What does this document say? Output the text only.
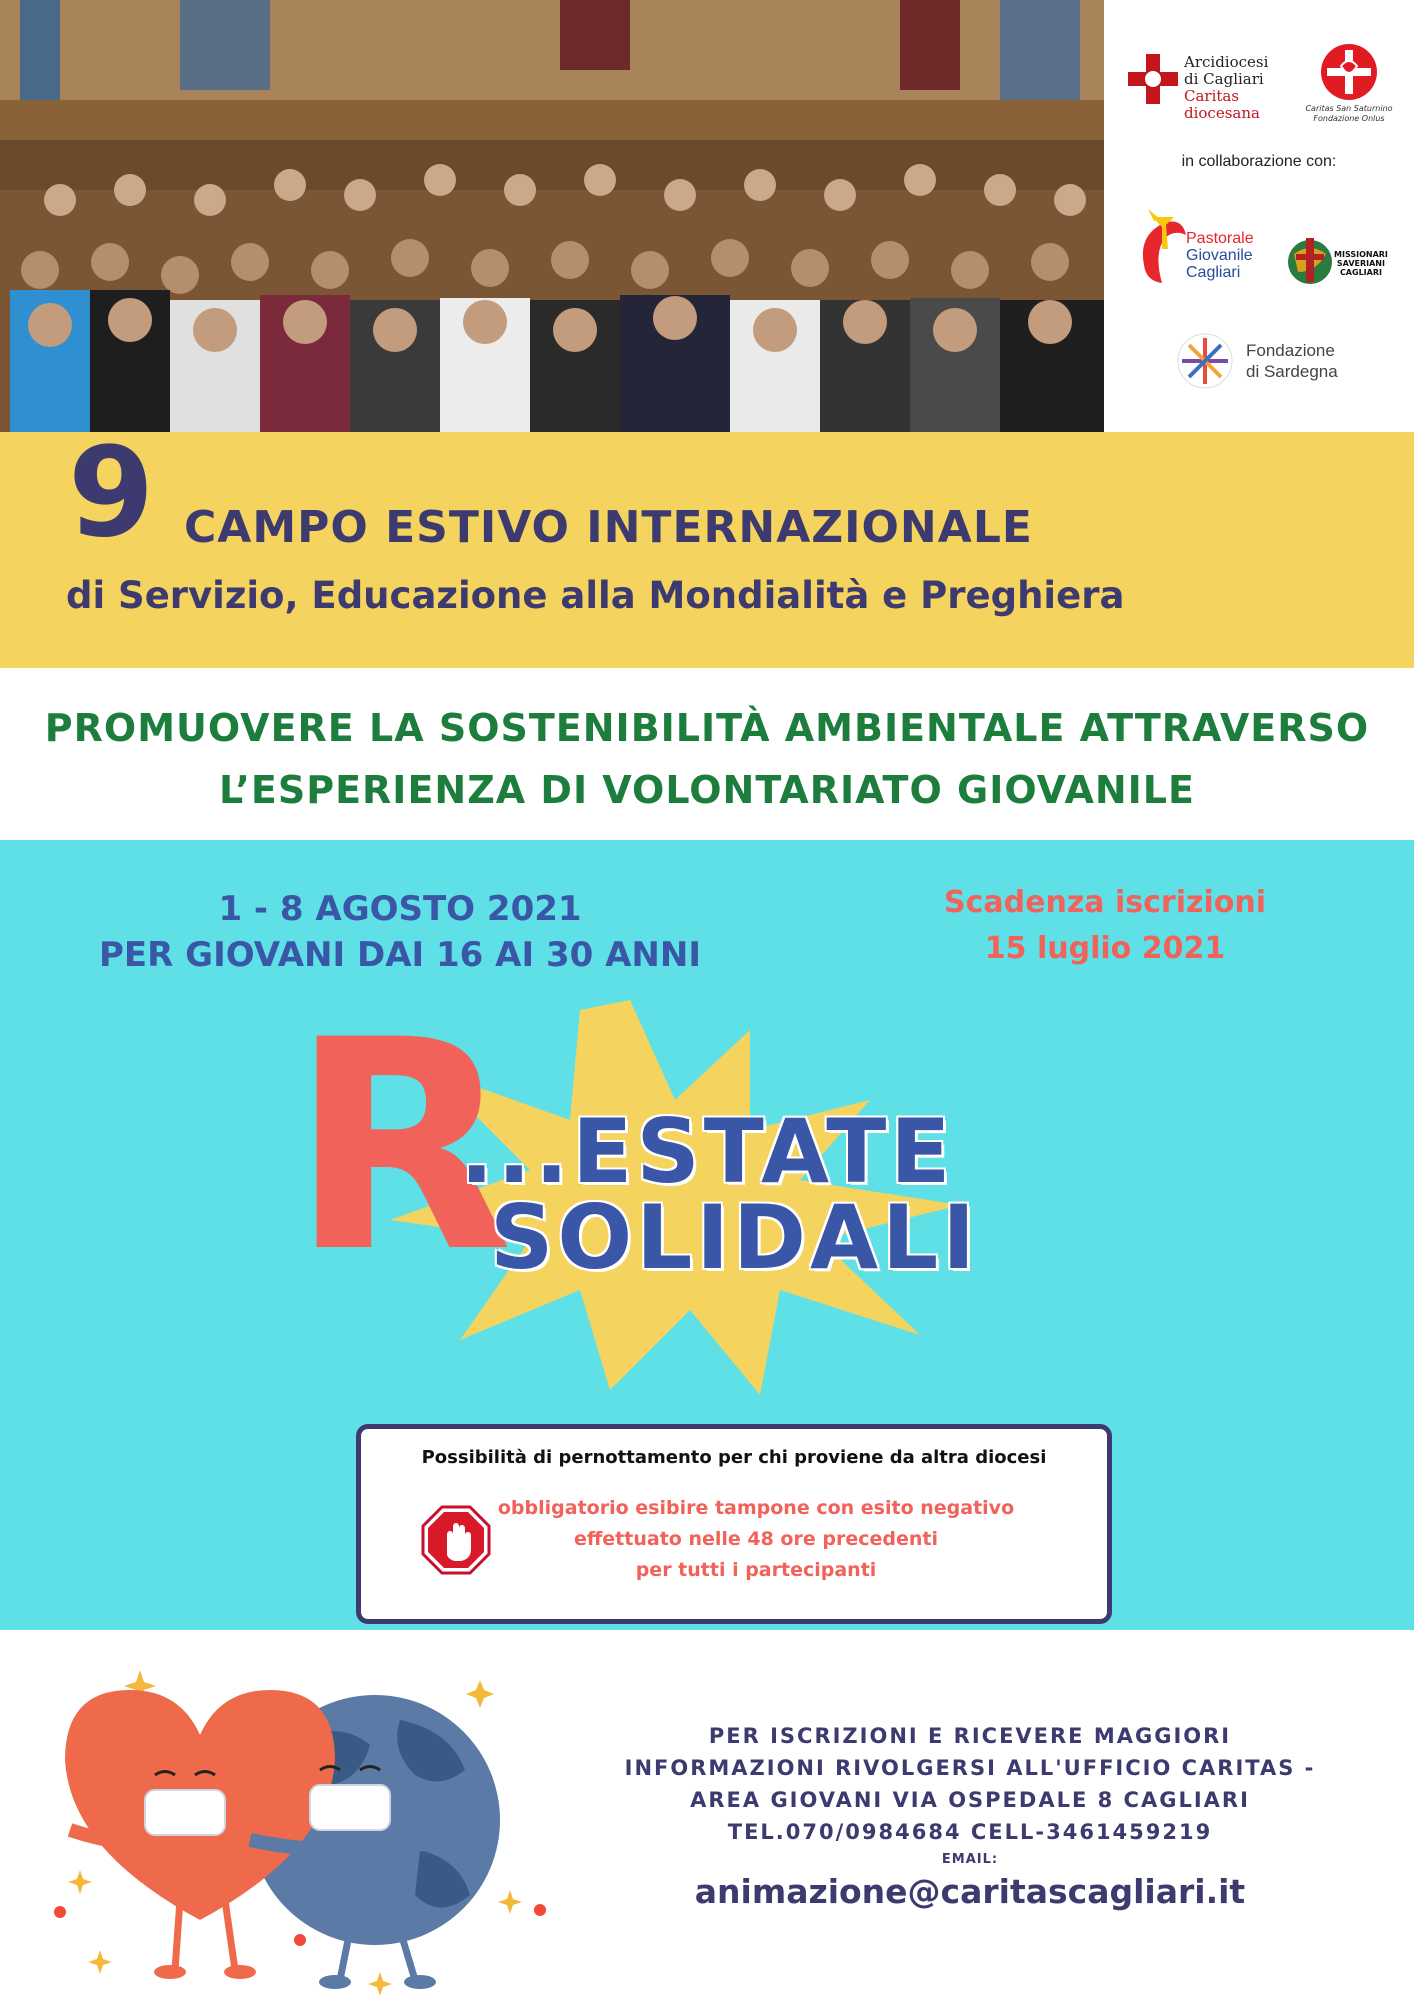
Arcidiocesi
di Cagliari
Caritas diocesana	Caritas San Saturnino
Fondazione Onlus
in collaborazione con:
Pastorale
Giovanile
Cagliari
MISSIONARI
SAVERIANI
CAGLIARI
Fondazione
di Sardegna
9 CAMPO ESTIVO INTERNAZIONALE
di Servizio, Educazione alla Mondialità e Preghiera
PROMUOVERE LA SOSTENIBILITÀ AMBIENTALE ATTRAVERSO
L’ESPERIENZA DI VOLONTARIATO GIOVANILE
1 - 8 AGOSTO 2021
PER GIOVANI DAI 16 AI 30 ANNI
Scadenza iscrizioni
15 luglio 2021
R
...ESTATE
SOLIDALI
Possibilità di pernottamento per chi proviene da altra diocesi
obbligatorio esibire tampone con esito negativo
effettuato nelle 48 ore precedenti
per tutti i partecipanti
PER ISCRIZIONI E RICEVERE MAGGIORI
INFORMAZIONI RIVOLGERSI ALL'UFFICIO CARITAS -
AREA GIOVANI VIA OSPEDALE 8 CAGLIARI
TEL.070/0984684 CELL-3461459219
EMAIL:
animazione@caritascagliari.it
